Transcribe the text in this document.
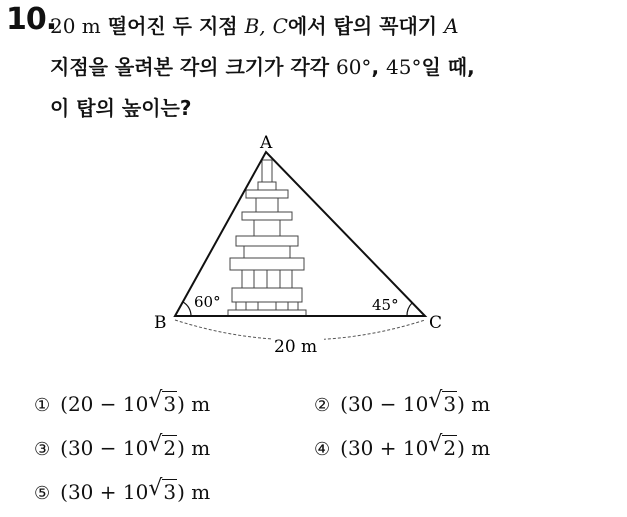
10.
20 m 떨어진 두 지점 B, C에서 탑의 꼭대기 A
지점을 올려본 각의 크기가 각각 60°, 45°일 때,
이 탑의 높이는?
A
B	C
60°	45°
20 m
① (20 − 10 √ 3) m	② (30 − 10 √ 3) m
③ (30 − 10 √ 2) m	④ (30 + 10 √ 2) m
⑤ (30 + 10 √ 3) m
